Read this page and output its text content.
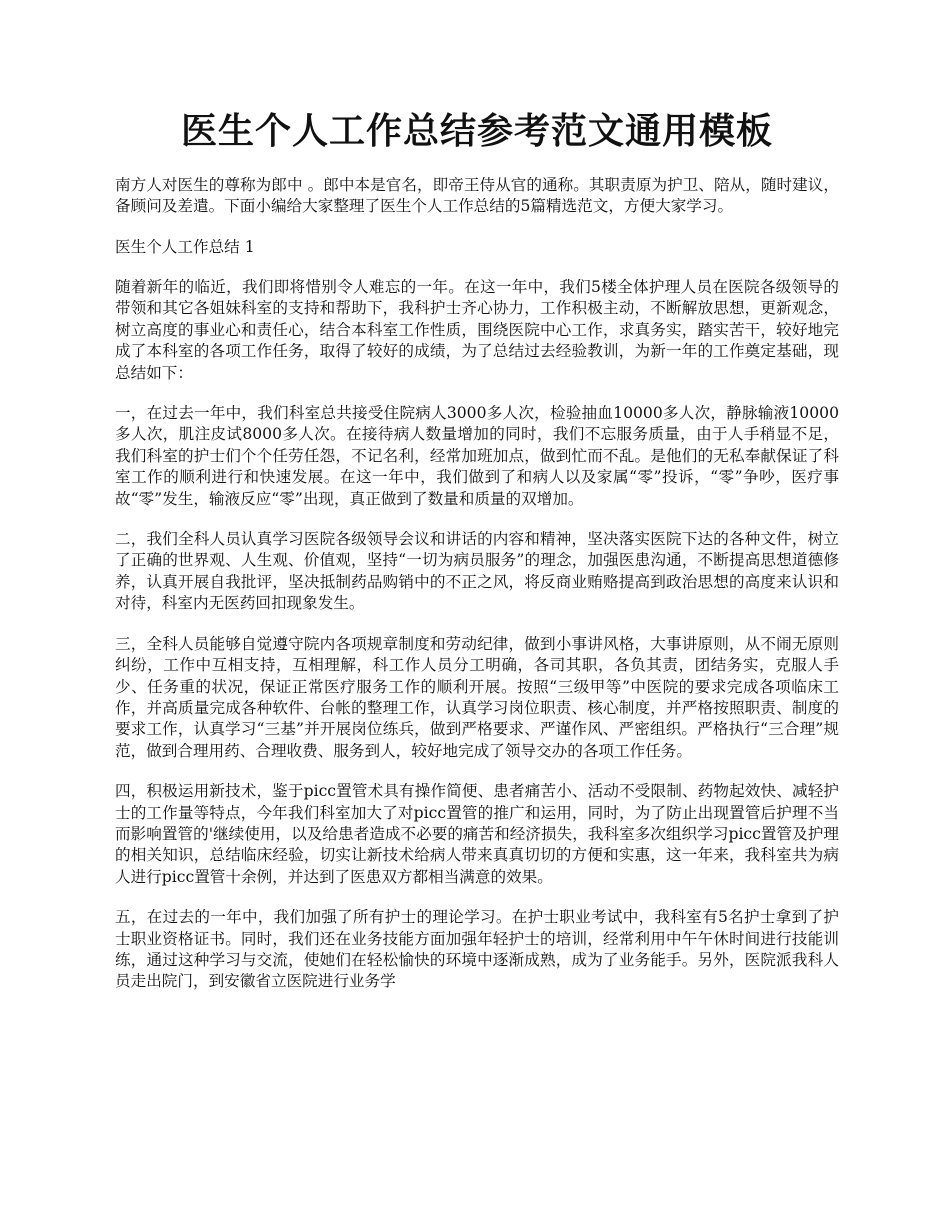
医生个人工作总结参考范文通用模板

南方人对医生的尊称为郎中 。郎中本是官名，即帝王侍从官的通称。其职责原为护卫、陪从，随时建议，备顾问及差遣。下面小编给大家整理了医生个人工作总结的5篇精选范文，方便大家学习。

医生个人工作总结 1

随着新年的临近，我们即将惜别令人难忘的一年。在这一年中，我们5楼全体护理人员在医院各级领导的带领和其它各姐妹科室的支持和帮助下，我科护士齐心协力，工作积极主动，不断解放思想，更新观念，树立高度的事业心和责任心，结合本科室工作性质，围绕医院中心工作，求真务实，踏实苦干，较好地完成了本科室的各项工作任务，取得了较好的成绩，为了总结过去经验教训，为新一年的工作奠定基础，现总结如下：

一，在过去一年中，我们科室总共接受住院病人3000多人次，检验抽血10000多人次，静脉输液10000多人次，肌注皮试8000多人次。在接待病人数量增加的同时，我们不忘服务质量，由于人手稍显不足，我们科室的护士们个个任劳任怨，不记名利，经常加班加点，做到忙而不乱。是他们的无私奉献保证了科室工作的顺利进行和快速发展。在这一年中，我们做到了和病人以及家属“零”投诉，“零”争吵，医疗事故“零”发生，输液反应“零”出现，真正做到了数量和质量的双增加。

二，我们全科人员认真学习医院各级领导会议和讲话的内容和精神，坚决落实医院下达的各种文件，树立了正确的世界观、人生观、价值观，坚持“一切为病员服务”的理念，加强医患沟通，不断提高思想道德修养，认真开展自我批评，坚决抵制药品购销中的不正之风，将反商业贿赂提高到政治思想的高度来认识和对待，科室内无医药回扣现象发生。

三，全科人员能够自觉遵守院内各项规章制度和劳动纪律，做到小事讲风格，大事讲原则，从不闹无原则纠纷，工作中互相支持，互相理解，科工作人员分工明确，各司其职，各负其责，团结务实，克服人手少、任务重的状况，保证正常医疗服务工作的顺利开展。按照“三级甲等”中医院的要求完成各项临床工作，并高质量完成各种软件、台帐的整理工作，认真学习岗位职责、核心制度，并严格按照职责、制度的要求工作，认真学习“三基”并开展岗位练兵，做到严格要求、严谨作风、严密组织。严格执行“三合理”规范，做到合理用药、合理收费、服务到人，较好地完成了领导交办的各项工作任务。

四，积极运用新技术，鉴于picc置管术具有操作简便、患者痛苦小、活动不受限制、药物起效快、减轻护士的工作量等特点，今年我们科室加大了对picc置管的推广和运用，同时，为了防止出现置管后护理不当而影响置管的'继续使用，以及给患者造成不必要的痛苦和经济损失，我科室多次组织学习picc置管及护理的相关知识，总结临床经验，切实让新技术给病人带来真真切切的方便和实惠，这一年来，我科室共为病人进行picc置管十余例，并达到了医患双方都相当满意的效果。

五，在过去的一年中，我们加强了所有护士的理论学习。在护士职业考试中，我科室有5名护士拿到了护士职业资格证书。同时，我们还在业务技能方面加强年轻护士的培训，经常利用中午午休时间进行技能训练，通过这种学习与交流，使她们在轻松愉快的环境中逐渐成熟，成为了业务能手。另外，医院派我科人员走出院门，到安徽省立医院进行业务学
